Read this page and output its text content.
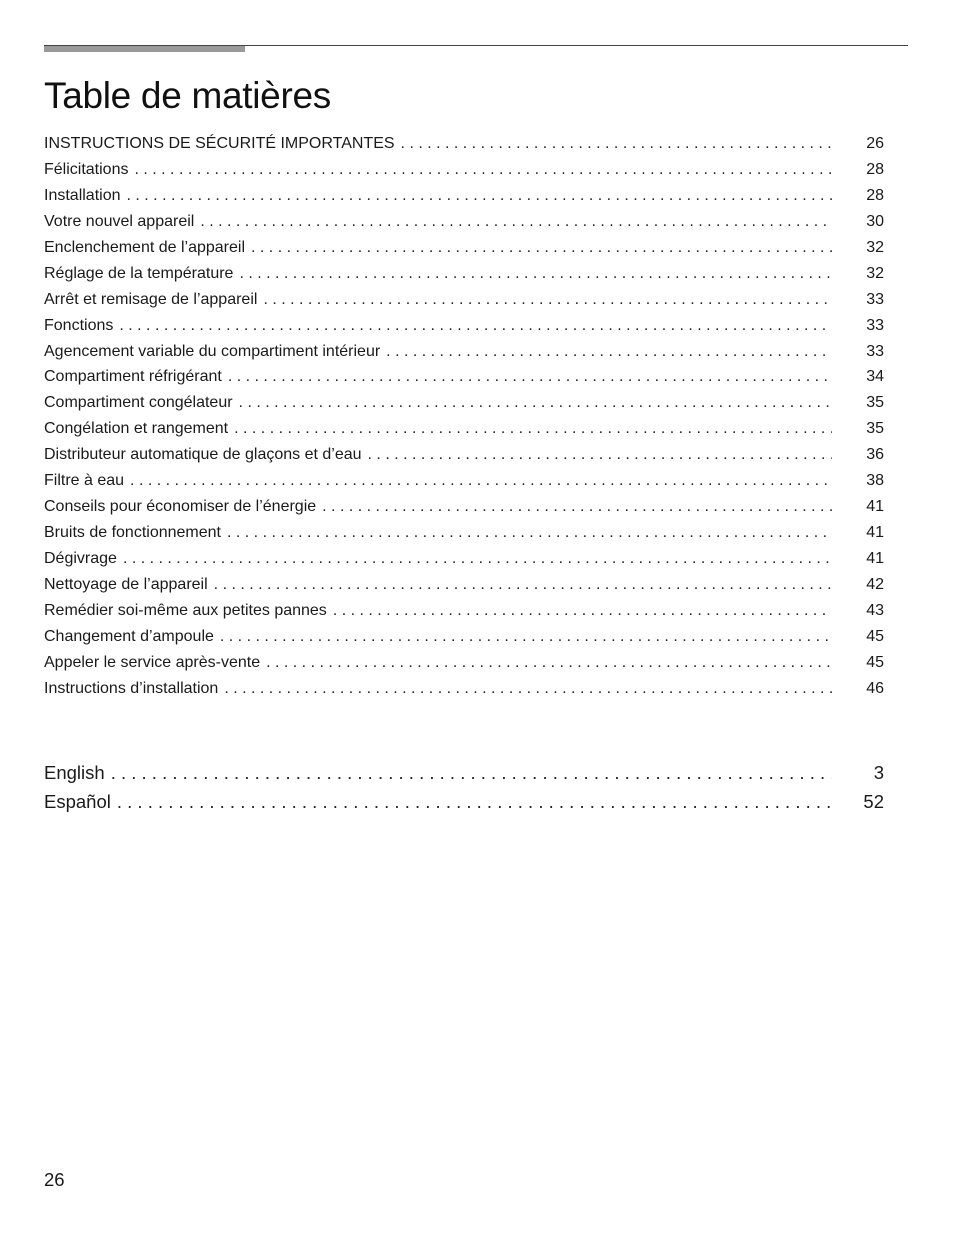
Table de matières
INSTRUCTIONS DE SÉCURITÉ IMPORTANTES . . .	26
Félicitations . . .	28
Installation . . .	28
Votre nouvel appareil . . .	30
Enclenchement de l’appareil . . .	32
Réglage de la température . . .	32
Arrêt et remisage de l’appareil . . .	33
Fonctions . . .	33
Agencement variable du compartiment intérieur . . .	33
Compartiment réfrigérant . . .	34
Compartiment congélateur . . .	35
Congélation et rangement . . .	35
Distributeur automatique de glaçons et d’eau . . .	36
Filtre à eau . . .	38
Conseils pour économiser de l’énergie . . .	41
Bruits de fonctionnement . . .	41
Dégivrage . . .	41
Nettoyage de l’appareil . . .	42
Remédier soi-même aux petites pannes . . .	43
Changement d’ampoule . . .	45
Appeler le service après-vente . . .	45
Instructions d’installation . . .	46
English . . .	3
Español . . .	52
26
